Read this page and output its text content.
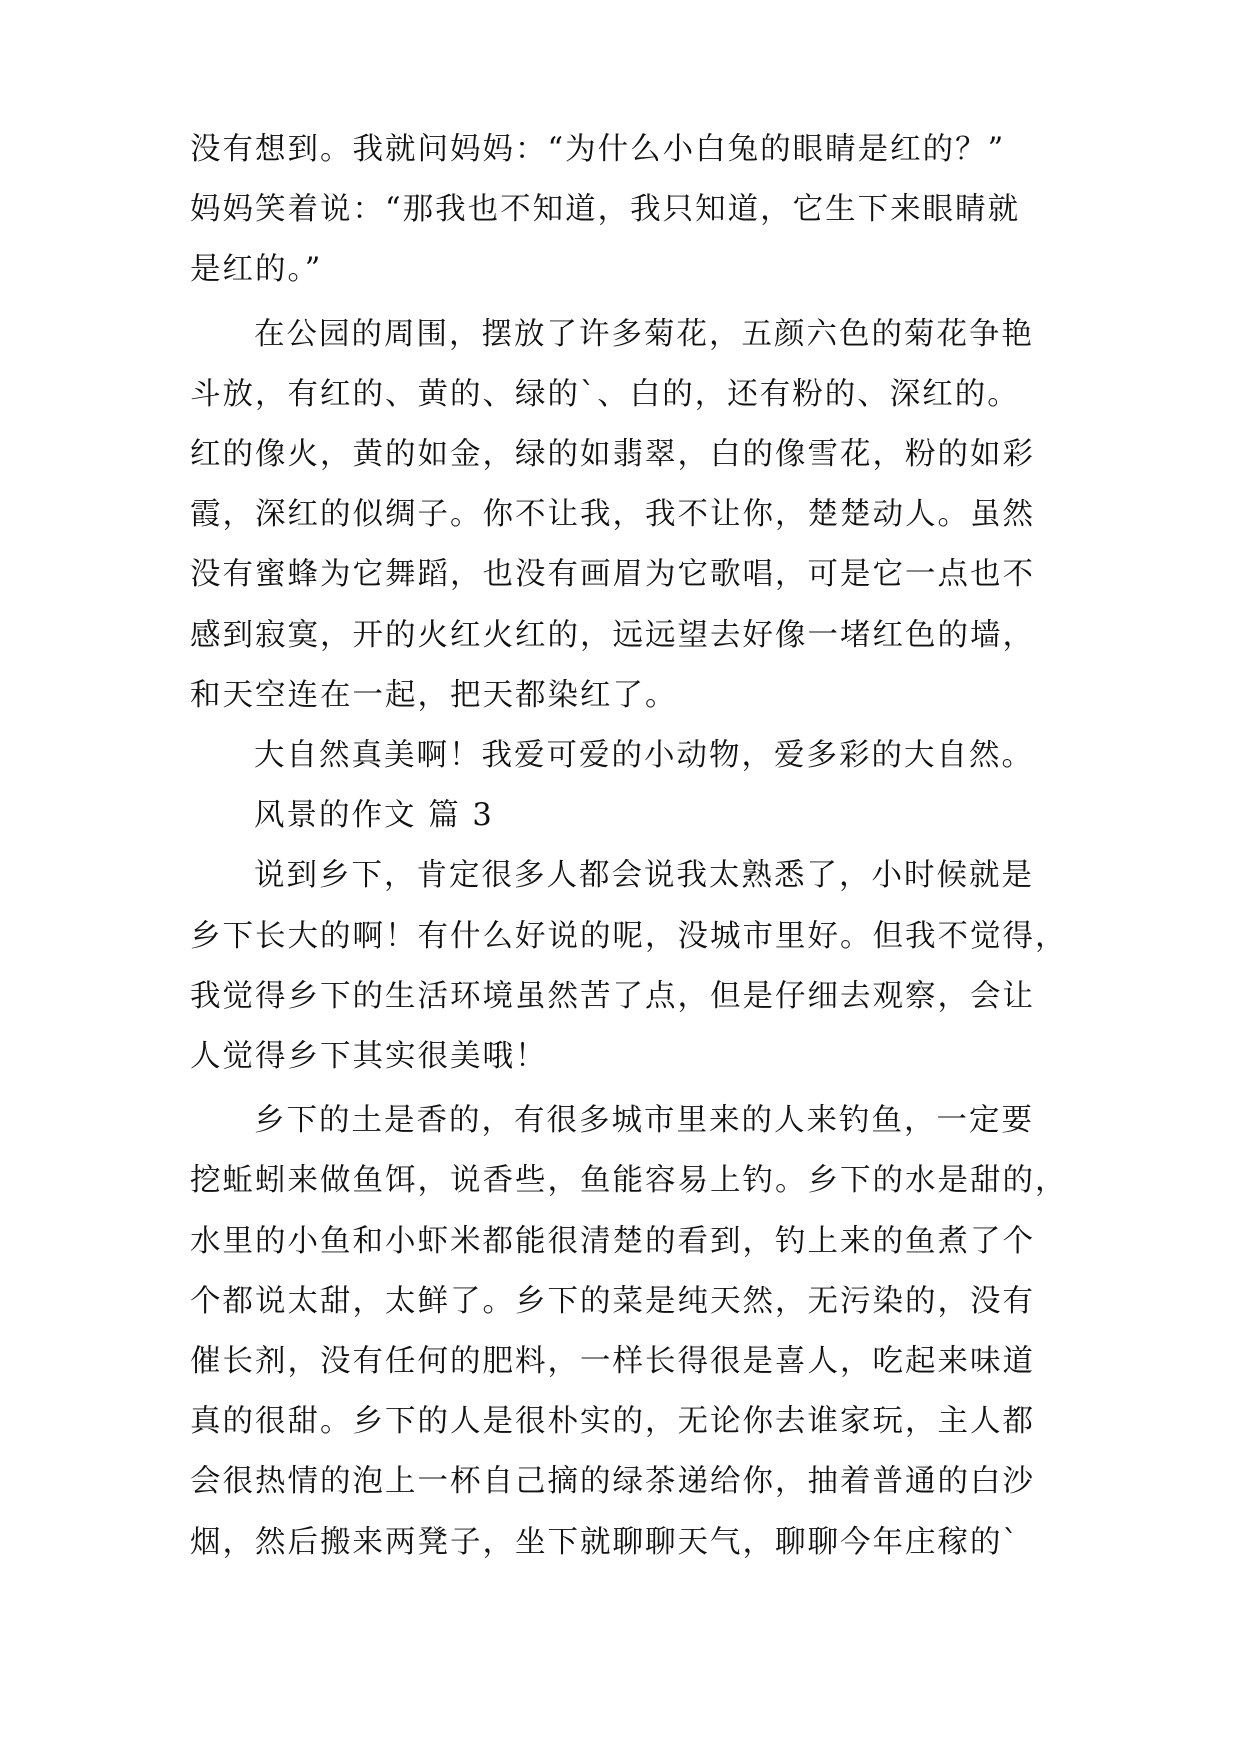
没有想到。我就问妈妈：“为什么小白兔的眼睛是红的？”
妈妈笑着说：“那我也不知道，我只知道，它生下来眼睛就
是红的。”
在公园的周围，摆放了许多菊花，五颜六色的菊花争艳
斗放，有红的、黄的、绿的`、白的，还有粉的、深红的。
红的像火，黄的如金，绿的如翡翠，白的像雪花，粉的如彩
霞，深红的似绸子。你不让我，我不让你，楚楚动人。虽然
没有蜜蜂为它舞蹈，也没有画眉为它歌唱，可是它一点也不
感到寂寞，开的火红火红的，远远望去好像一堵红色的墙，
和天空连在一起，把天都染红了。
大自然真美啊！我爱可爱的小动物，爱多彩的大自然。
风景的作文 篇 3
说到乡下，肯定很多人都会说我太熟悉了，小时候就是
乡下长大的啊！有什么好说的呢，没城市里好。但我不觉得，
我觉得乡下的生活环境虽然苦了点，但是仔细去观察，会让
人觉得乡下其实很美哦！
乡下的土是香的，有很多城市里来的人来钓鱼，一定要
挖蚯蚓来做鱼饵，说香些，鱼能容易上钓。乡下的水是甜的，
水里的小鱼和小虾米都能很清楚的看到，钓上来的鱼煮了个
个都说太甜，太鲜了。乡下的菜是纯天然，无污染的，没有
催长剂，没有任何的肥料，一样长得很是喜人，吃起来味道
真的很甜。乡下的人是很朴实的，无论你去谁家玩，主人都
会很热情的泡上一杯自己摘的绿茶递给你，抽着普通的白沙
烟，然后搬来两凳子，坐下就聊聊天气，聊聊今年庄稼的`
